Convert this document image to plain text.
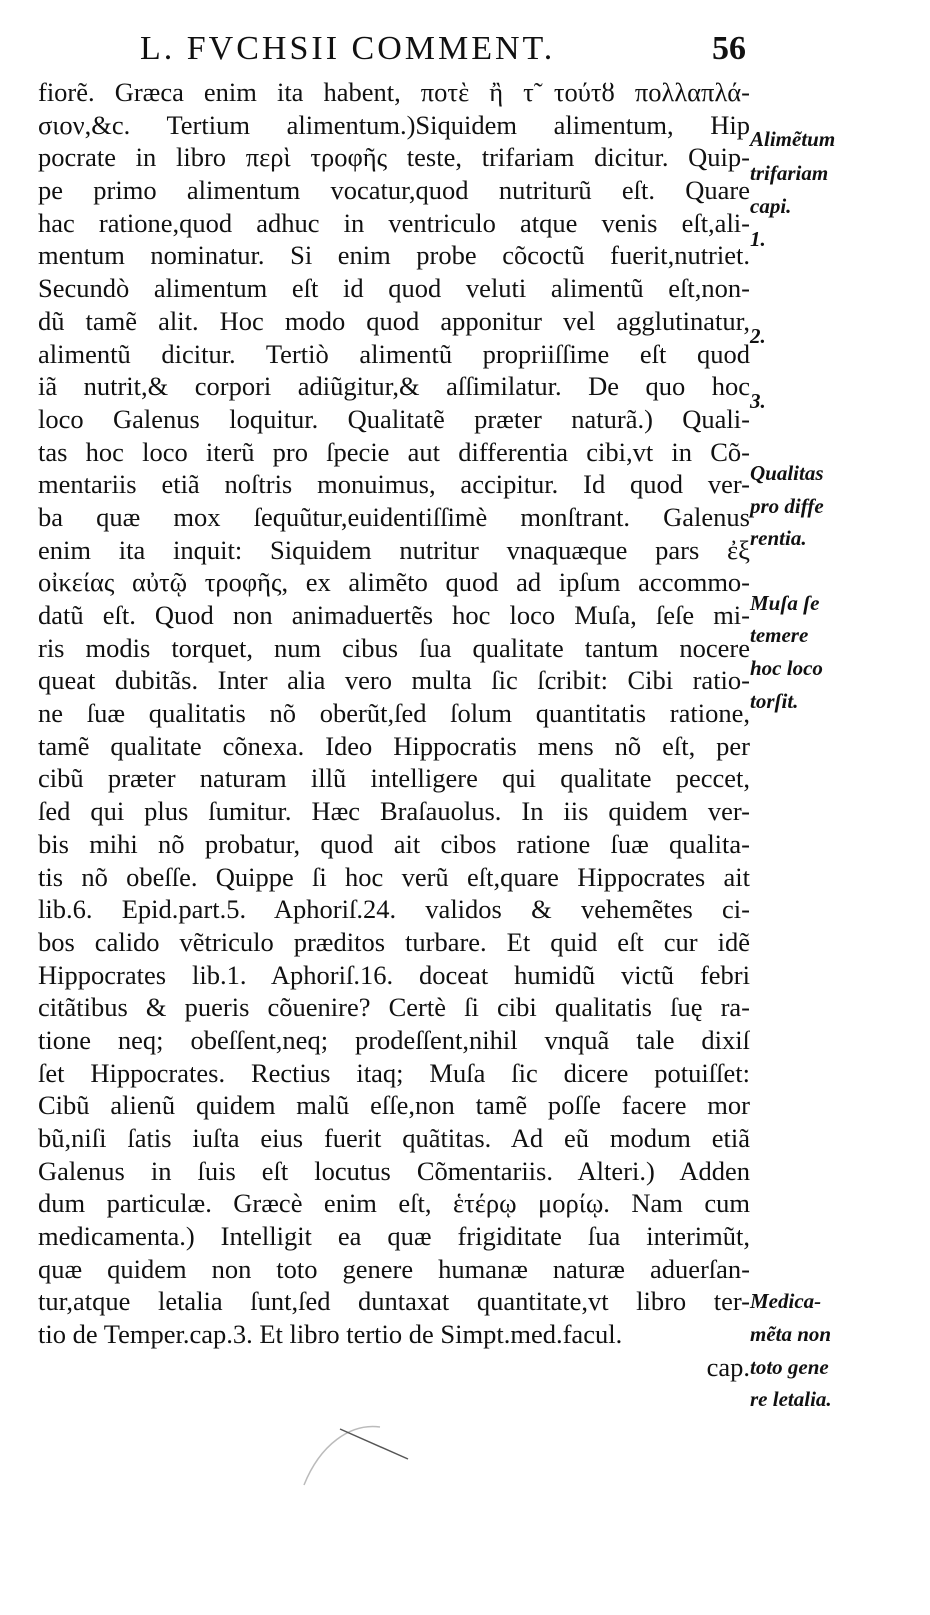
L. FVCHSII COMMENT.	56
fiorẽ. Græca enim ita habent, ποτὲ ἢ τ̃ τούτȣ πολλαπλά-
σιον,&c. Tertium alimentum.)Siquidem alimentum, Hip
pocrate in libro περὶ τροφῆς teste, trifariam dicitur. Quip-
pe primo alimentum vocatur,quod nutriturũ eſt. Quare
hac ratione,quod adhuc in ventriculo atque venis eſt,ali-
mentum nominatur. Si enim probe cõcoctũ fuerit,nutriet.
Secundò alimentum eſt id quod veluti alimentũ eſt,non-
dũ tamẽ alit. Hoc modo quod apponitur vel agglutinatur,
alimentũ dicitur. Tertiò alimentũ propriiſſime eſt quod
iã nutrit,& corpori adiũgitur,& aſſimilatur. De quo hoc
loco Galenus loquitur. Qualitatẽ præter naturã.) Quali-
tas hoc loco iterũ pro ſpecie aut differentia cibi,vt in Cõ-
mentariis etiã noſtris monuimus, accipitur. Id quod ver-
ba quæ mox ſequũtur,euidentiſſimè monſtrant. Galenus
enim ita inquit: Siquidem nutritur vnaquæque pars ἐξ
οἰκείας αὐτῷ τροφῆς, ex alimẽto quod ad ipſum accommo-
datũ eſt. Quod non animaduertẽs hoc loco Muſa, ſeſe mi-
ris modis torquet, num cibus ſua qualitate tantum nocere
queat dubitãs. Inter alia vero multa ſic ſcribit: Cibi ratio-
ne ſuæ qualitatis nõ oberũt,ſed ſolum quantitatis ratione,
tamẽ qualitate cõnexa. Ideo Hippocratis mens nõ eſt, per
cibũ præter naturam illũ intelligere qui qualitate peccet,
ſed qui plus ſumitur. Hæc Braſauolus. In iis quidem ver-
bis mihi nõ probatur, quod ait cibos ratione ſuæ qualita-
tis nõ obeſſe. Quippe ſi hoc verũ eſt,quare Hippocrates ait
lib.6. Epid.part.5. Aphoriſ.24. validos & vehemẽtes ci-
bos calido vẽtriculo præditos turbare. Et quid eſt cur idẽ
Hippocrates lib.1. Aphoriſ.16. doceat humidũ victũ febri
citãtibus & pueris cõuenire? Certè ſi cibi qualitatis ſuę ra-
tione neq; obeſſent,neq; prodeſſent,nihil vnquã tale dixiſ
ſet Hippocrates. Rectius itaq; Muſa ſic dicere potuiſſet:
Cibũ alienũ quidem malũ eſſe,non tamẽ poſſe facere mor
bũ,niſi ſatis iuſta eius fuerit quãtitas. Ad eũ modum etiã
Galenus in ſuis eſt locutus Cõmentariis. Alteri.) Adden
dum particulæ. Græcè enim eſt, ἑτέρῳ μορίῳ. Nam cum
medicamenta.) Intelligit ea quæ frigiditate ſua interimũt,
quæ quidem non toto genere humanæ naturæ aduerſan-
tur,atque letalia ſunt,ſed duntaxat quantitate,vt libro ter-
tio de Temper.cap.3. Et libro tertio de Simpt.med.facul.
cap.
Alimẽtum
trifariam
capi.
1.
2.
3.
Qualitas
pro diffe
rentia.
Muſa ſe
temere
hoc loco
torſit.
Medica-
mẽta non
toto gene
re letalia.
